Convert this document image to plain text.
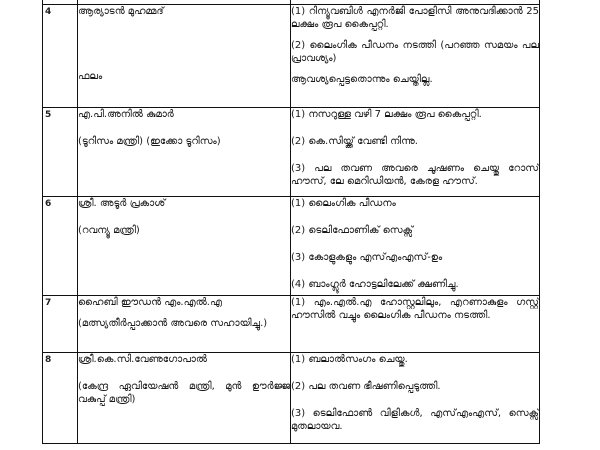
4	ആര്യാടന്‍ മുഹമ്മദ്
ഫലം	(1) റിന്യൂവബിള്‍ എനര്‍ജി പോളിസി അനുവദിക്കാന്‍ 25 ലക്ഷം രൂപ കൈപ്പറ്റി.
(2) ലൈംഗിക പീഡനം നടത്തി (പറഞ്ഞ സമയം പല പ്രാവശ്യം)
ആവശ്യപ്പെട്ടതൊന്നും ചെയ്തില്ല.

5	എ.പി.അനില്‍ കുമാര്‍
(ടൂറിസം മന്ത്രി) (ഇക്കോ ടൂറിസം)	(1) നസറുള്ള വഴി 7 ലക്ഷം രൂപ കൈപ്പറ്റി.
(2) കെ.സിയ്ക്ക് വേണ്ടി നിന്നു.
(3) പല തവണ അവരെ ചൂഷണം ചെയ്തു റോസ് ഹൗസ്, ലേ മെറിഡിയന്‍, കേരള ഹൗസ്.

6	ശ്രീ. അടൂര്‍ പ്രകാശ്
(റവന്യൂ മന്ത്രി)	(1) ലൈംഗിക പീഡനം
(2) ടെലിഫോണിക് സെക്സ്
(3) കോളുകളും എസ്എംഎസ്-ഉം
(4) ബാംഗ്ലൂര്‍ ഹോട്ടലിലേക്ക് ക്ഷണിച്ചു.

7	ഹൈബി ഈഡന്‍ എം.എല്‍.എ
(മത്സ്യതീര്‍പ്പാക്കാന്‍ അവരെ സഹായിച്ചു.)	(1) എം.എല്‍.എ ഹോസ്റ്റലിലും, എറണാകുളം ഗസ്റ്റ് ഹൗസില്‍ വച്ചും ലൈംഗിക പീഡനം നടത്തി.

8	ശ്രീ.കെ.സി.വേണുഗോപാല്‍
(കേന്ദ്ര ഏവിയേഷന്‍ മന്ത്രി, മുന്‍ ഊര്‍ജ്ജ വകുപ്പ് മന്ത്രി)	(1) ബലാല്‍സംഗം ചെയ്തു.
(2) പല തവണ ഭീഷണിപ്പെടുത്തി.
(3) ടെലിഫോണ്‍ വിളികള്‍, എസ്എംഎസ്, സെക്സ് മുതലായവ.
